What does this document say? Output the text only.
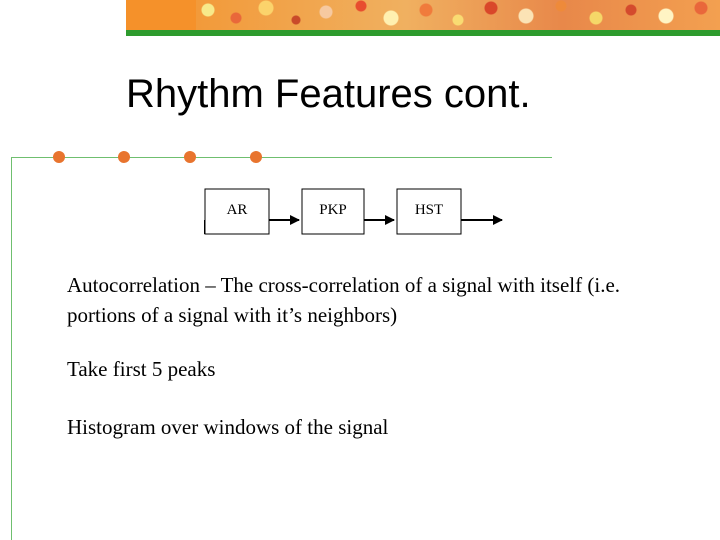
Rhythm Features cont.
AR	PKP	HST

Autocorrelation – The cross-correlation of a signal with itself (i.e. portions of a signal with it’s neighbors)

Take first 5 peaks

Histogram over windows of the signal
